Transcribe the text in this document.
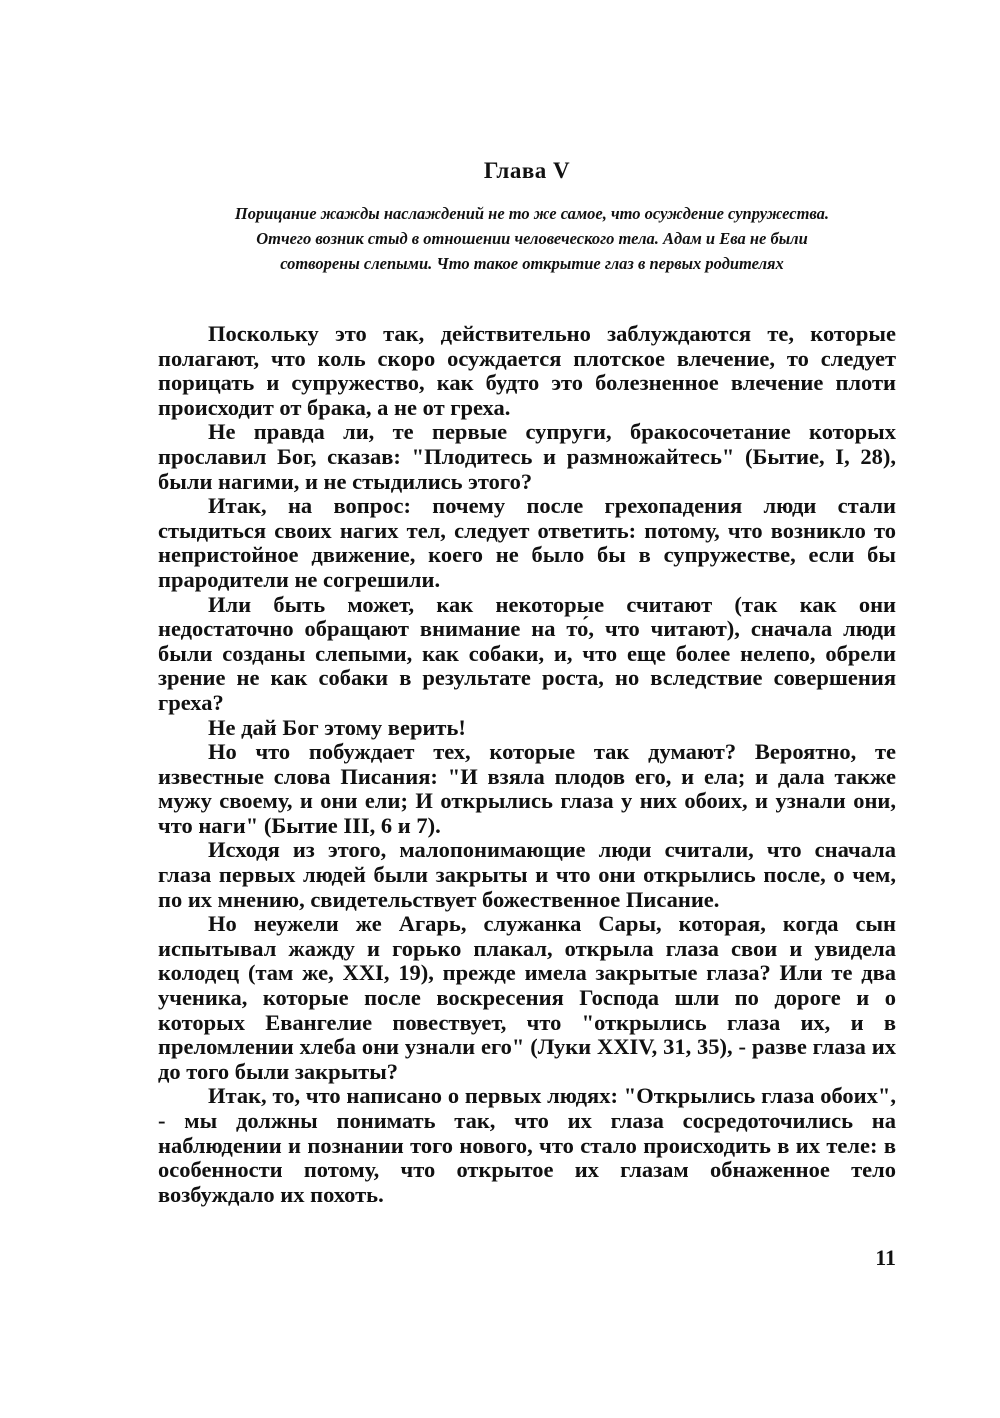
Глава V

Порицание жажды наслаждений не то же самое, что осуждение супружества. Отчего возник стыд в отношении человеческого тела. Адам и Ева не были сотворены слепыми. Что такое открытие глаз в первых родителях

Поскольку это так, действительно заблуждаются те, которые полагают, что коль скоро осуждается плотское влечение, то следует порицать и супружество, как будто это болезненное влечение плоти происходит от брака, а не от греха.

Не правда ли, те первые супруги, бракосочетание которых прославил Бог, сказав: "Плодитесь и размножайтесь" (Бытие, I, 28), были нагими, и не стыдились этого?

Итак, на вопрос: почему после грехопадения люди стали стыдиться своих нагих тел, следует ответить: потому, что возникло то непристойное движение, коего не было бы в супружестве, если бы прародители не согрешили.

Или быть может, как некоторые считают (так как они недостаточно обращают внимание на то́, что читают), сначала люди были созданы слепыми, как собаки, и, что еще более нелепо, обрели зрение не как собаки в результате роста, но вследствие совершения греха?

Не дай Бог этому верить!

Но что побуждает тех, которые так думают? Вероятно, те известные слова Писания: "И взяла плодов его, и ела; и дала также мужу своему, и они ели; И открылись глаза у них обоих, и узнали они, что наги" (Бытие III, 6 и 7).

Исходя из этого, малопонимающие люди считали, что сначала глаза первых людей были закрыты и что они открылись после, о чем, по их мнению, свидетельствует божественное Писание.

Но неужели же Агарь, служанка Сары, которая, когда сын испытывал жажду и горько плакал, открыла глаза свои и увидела колодец (там же, XXI, 19), прежде имела закрытые глаза? Или те два ученика, которые после воскресения Господа шли по дороге и о которых Евангелие повествует, что "открылись глаза их, и в преломлении хлеба они узнали его" (Луки XXIV, 31, 35), - разве глаза их до того были закрыты?

Итак, то, что написано о первых людях: "Открылись глаза обоих", - мы должны понимать так, что их глаза сосредоточились на наблюдении и познании того нового, что стало происходить в их теле: в особенности потому, что открытое их глазам обнаженное тело возбуждало их похоть.

11
